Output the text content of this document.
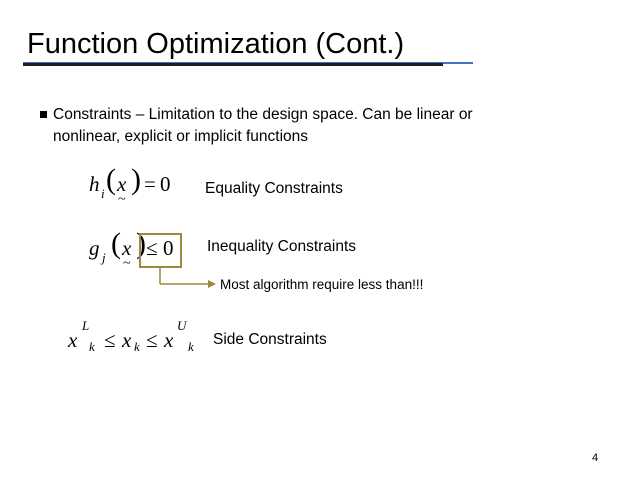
Function Optimization (Cont.)
Constraints – Limitation to the design space. Can be linear or
nonlinear, explicit or implicit functions
h i ( x
~
) = 0 Equality Constraints
g j ( x
~
) ≤ 0 Inequality Constraints
Most algorithm require less than!!!
x
L
k ≤ x k ≤ x
U
k Side Constraints
4
